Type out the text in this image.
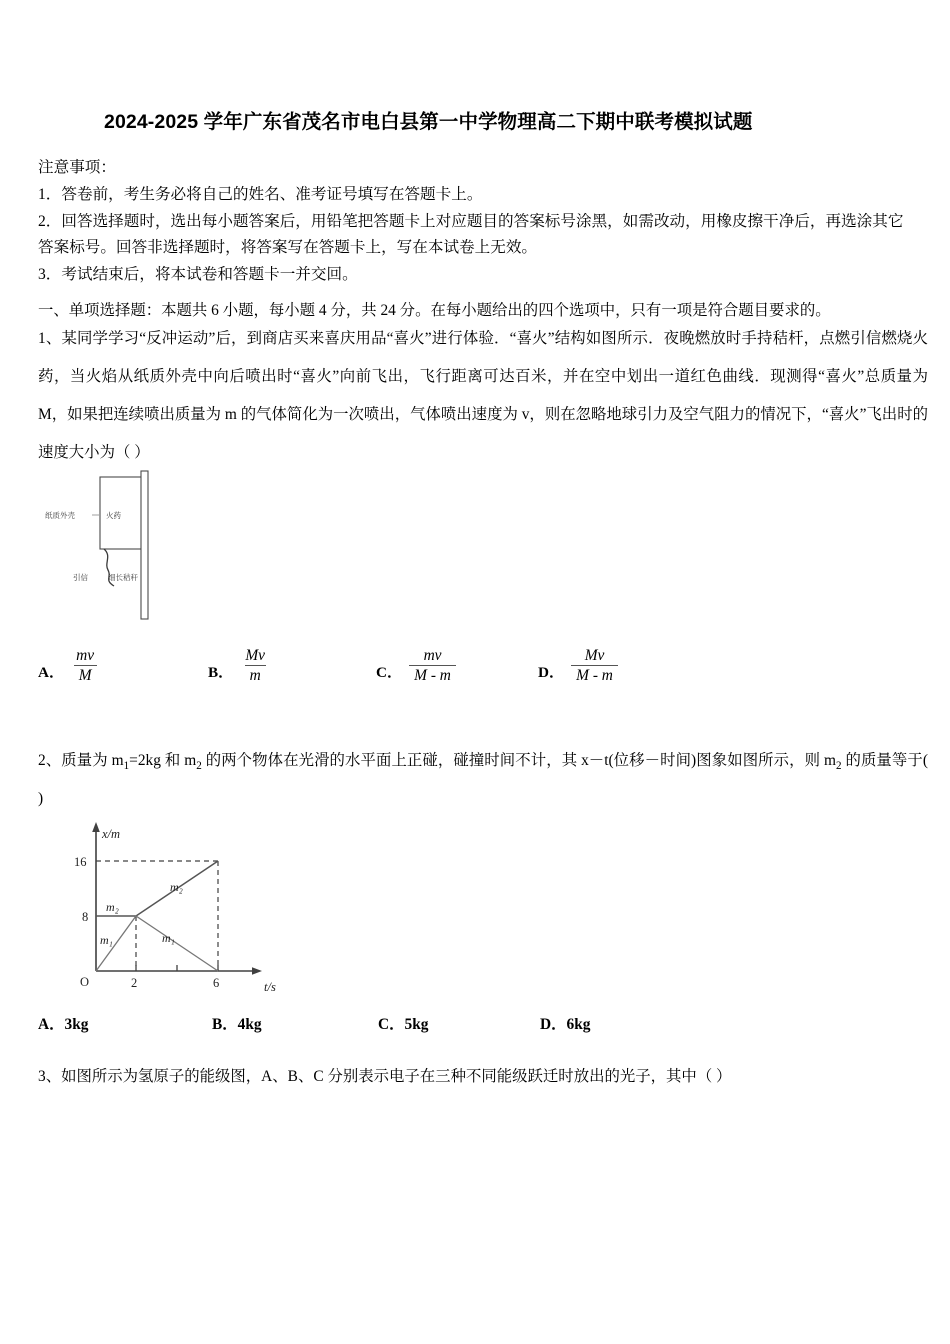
2024-2025 学年广东省茂名市电白县第一中学物理高二下期中联考模拟试题
注意事项：
1．答卷前，考生务必将自己的姓名、准考证号填写在答题卡上。
2．回答选择题时，选出每小题答案后，用铅笔把答题卡上对应题目的答案标号涂黑，如需改动，用橡皮擦干净后，再选涂其它答案标号。回答非选择题时，将答案写在答题卡上，写在本试卷上无效。
3．考试结束后，将本试卷和答题卡一并交回。
一、单项选择题：本题共 6 小题，每小题 4 分，共 24 分。在每小题给出的四个选项中，只有一项是符合题目要求的。
1、某同学学习“反冲运动”后，到商店买来喜庆用品“喜火”进行体验．“喜火”结构如图所示．夜晚燃放时手持秸杆，点燃引信燃烧火药，当火焰从纸质外壳中向后喷出时“喜火”向前飞出，飞行距离可达百米，并在空中划出一道红色曲线．现测得“喜火”总质量为 M，如果把连续喷出质量为 m 的气体简化为一次喷出，气体喷出速度为 v，则在忽略地球引力及空气阻力的情况下，“喜火”飞出时的速度大小为（ ）
纸质外壳	火药
引信	细长秸秆
A． $\frac{mv}{M}$	B． $\frac{Mv}{m}$	C． $\frac{mv}{M - m}$	D． $\frac{Mv}{M - m}$
2、质量为 $m_1=2kg$ 和 $m_2$ 的两个物体在光滑的水平面上正碰，碰撞时间不计，其 x－t(位移－时间)图象如图所示，则 $m_2$ 的质量等于( )
16
8
O	2	6
x/m
t/s
m₁
m₂
m₂
m₁
A．3kg	B．4kg	C．5kg	D．6kg
3、如图所示为氢原子的能级图，A、B、C 分别表示电子在三种不同能级跃迁时放出的光子，其中（ ）
